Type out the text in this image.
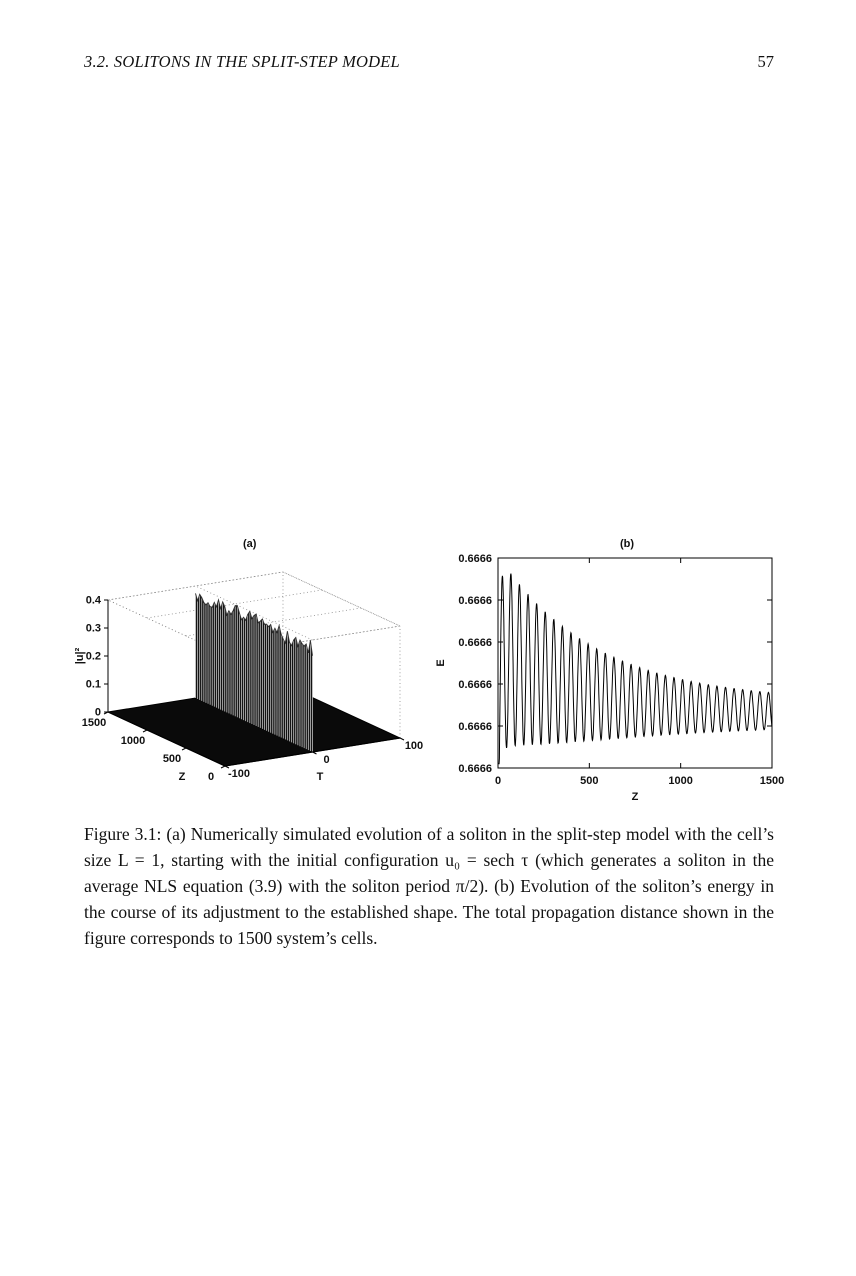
3.2. SOLITONS IN THE SPLIT-STEP MODEL	57
(a)	(b)
0
0.1
0.2
0.3
0.4
|u|²
0
500
1000
1500
Z	-100
0
100
T
0.6666
0.6666
0.6666
0.6666
0.6666
0.6666
0	500	1000	1500
E
Z

Figure 3.1: (a) Numerically simulated evolution of a soliton in the split-step model with the cell’s size L = 1, starting with the initial configuration u₀ = sech τ (which generates a soliton in the average NLS equation (3.9) with the soliton period π/2). (b) Evolution of the soliton’s energy in the course of its adjustment to the established shape. The total propagation distance shown in the figure corresponds to 1500 system’s cells.
